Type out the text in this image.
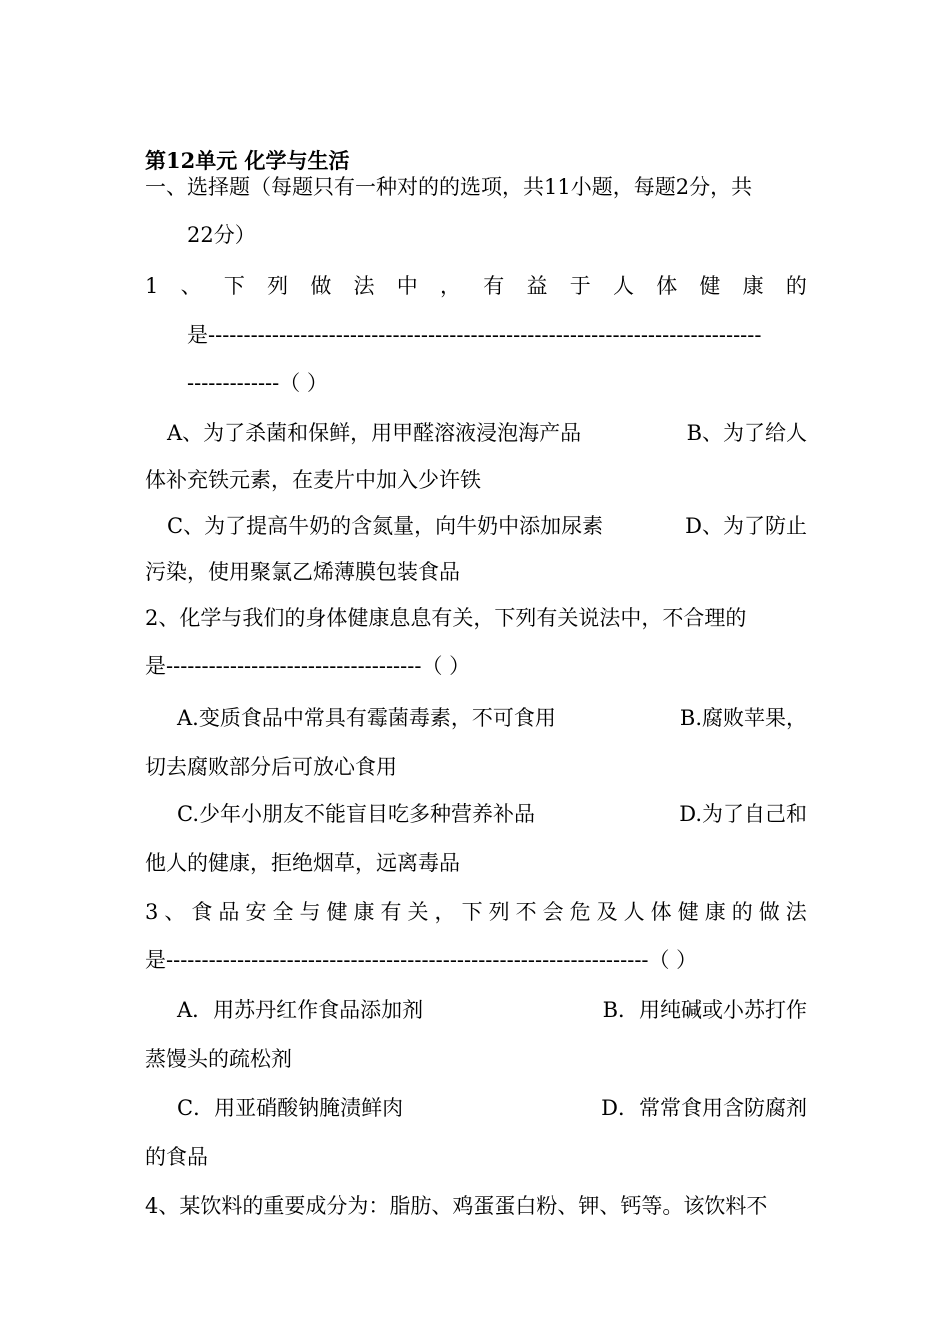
第12单元 化学与生活
一、选择题（每题只有一种对的的选项，共11小题，每题2分，共
22分）
1 、 下 列 做 法 中 ， 有 益 于 人 体 健 康 的
是------------------------------------------------------------------------------
-------------（ ）
A、为了杀菌和保鲜，用甲醛溶液浸泡海产品	B、为了给人
体补充铁元素，在麦片中加入少许铁
C、为了提高牛奶的含氮量，向牛奶中添加尿素	D、为了防止
污染，使用聚氯乙烯薄膜包装食品
2、化学与我们的身体健康息息有关，下列有关说法中，不合理的
是------------------------------------（ ）
A.变质食品中常具有霉菌毒素，不可食用	B.腐败苹果，
切去腐败部分后可放心食用
C.少年小朋友不能盲目吃多种营养补品	D.为了自己和
他人的健康，拒绝烟草，远离毒品
3 、 食 品 安 全 与 健 康 有 关 ， 下 列 不 会 危 及 人 体 健 康 的 做 法
是--------------------------------------------------------------------（ ）
A．用苏丹红作食品添加剂	B．用纯碱或小苏打作
蒸馒头的疏松剂
C．用亚硝酸钠腌渍鲜肉	D．常常食用含防腐剂
的食品
4、某饮料的重要成分为：脂肪、鸡蛋蛋白粉、钾、钙等。该饮料不
